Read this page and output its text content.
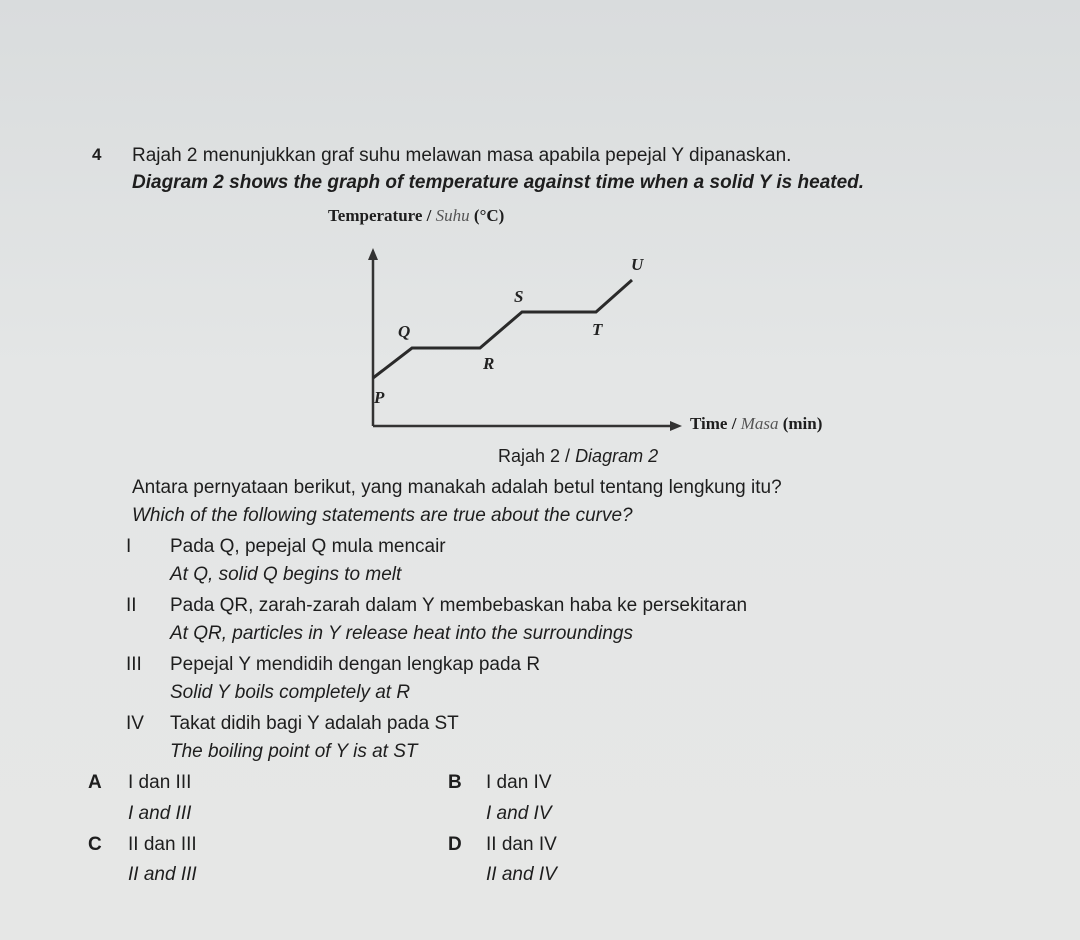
4 Rajah 2 menunjukkan graf suhu melawan masa apabila pepejal Y dipanaskan.
Diagram 2 shows the graph of temperature against time when a solid Y is heated.
Temperature / Suhu (°C)
P
Q
R
S
T
U
Time / Masa (min)
Rajah 2 / Diagram 2
Antara pernyataan berikut, yang manakah adalah betul tentang lengkung itu?
Which of the following statements are true about the curve?
I Pada Q, pepejal Q mula mencair
At Q, solid Q begins to melt
II Pada QR, zarah-zarah dalam Y membebaskan haba ke persekitaran
At QR, particles in Y release heat into the surroundings
III Pepejal Y mendidih dengan lengkap pada R
Solid Y boils completely at R
IV Takat didih bagi Y adalah pada ST
The boiling point of Y is at ST
A I dan III
I and III
B I dan IV
I and IV
C II dan III
II and III
D II dan IV
II and IV
